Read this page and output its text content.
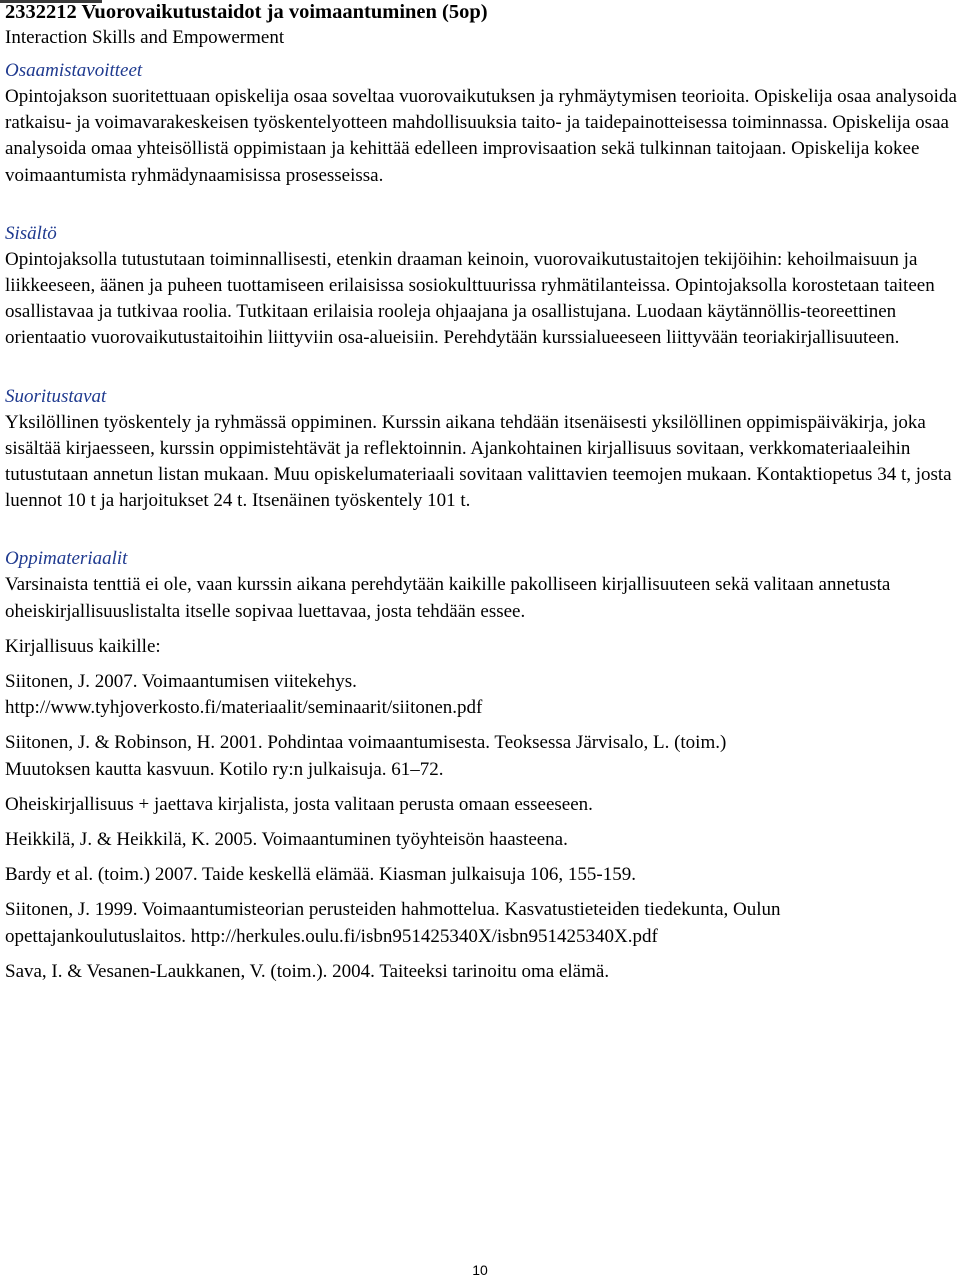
2332212 Vuorovaikutustaidot ja voimaantuminen (5op)

Interaction Skills and Empowerment

Osaamistavoitteet

Opintojakson suoritettuaan opiskelija osaa soveltaa vuorovaikutuksen ja ryhmäytymisen teorioita. Opiskelija osaa analysoida ratkaisu- ja voimavarakeskeisen työskentelyotteen mahdollisuuksia taito- ja taidepainotteisessa toiminnassa. Opiskelija osaa analysoida omaa yhteisöllistä oppimistaan ja kehittää edelleen improvisaation sekä tulkinnan taitojaan. Opiskelija kokee voimaantumista ryhmädynaamisissa prosesseissa.

Sisältö

Opintojaksolla tutustutaan toiminnallisesti, etenkin draaman keinoin, vuorovaikutustaitojen tekijöihin: kehoilmaisuun ja liikkeeseen, äänen ja puheen tuottamiseen erilaisissa sosiokulttuurissa ryhmätilanteissa. Opintojaksolla korostetaan taiteen osallistavaa ja tutkivaa roolia. Tutkitaan erilaisia rooleja ohjaajana ja osallistujana. Luodaan käytännöllis-teoreettinen orientaatio vuorovaikutustaitoihin liittyviin osa-alueisiin. Perehdytään kurssialueeseen liittyvään teoriakirjallisuuteen.

Suoritustavat

Yksilöllinen työskentely ja ryhmässä oppiminen. Kurssin aikana tehdään itsenäisesti yksilöllinen oppimispäiväkirja, joka sisältää kirjaesseen, kurssin oppimistehtävät ja reflektoinnin. Ajankohtainen kirjallisuus sovitaan, verkkomateriaaleihin tutustutaan annetun listan mukaan. Muu opiskelumateriaali sovitaan valittavien teemojen mukaan. Kontaktiopetus 34 t, josta luennot 10 t ja harjoitukset 24 t. Itsenäinen työskentely 101 t.

Oppimateriaalit

Varsinaista tenttiä ei ole, vaan kurssin aikana perehdytään kaikille pakolliseen kirjallisuuteen sekä valitaan annetusta oheiskirjallisuuslistalta itselle sopivaa luettavaa, josta tehdään essee.

Kirjallisuus kaikille:

Siitonen, J. 2007. Voimaantumisen viitekehys.

http://www.tyhjoverkosto.fi/materiaalit/seminaarit/siitonen.pdf

Siitonen, J. & Robinson, H. 2001. Pohdintaa voimaantumisesta. Teoksessa Järvisalo, L. (toim.)

Muutoksen kautta kasvuun. Kotilo ry:n julkaisuja. 61–72.

Oheiskirjallisuus + jaettava kirjalista, josta valitaan perusta omaan esseeseen.

Heikkilä, J. & Heikkilä, K. 2005. Voimaantuminen työyhteisön haasteena.

Bardy et al. (toim.) 2007. Taide keskellä elämää. Kiasman julkaisuja 106, 155-159.

Siitonen, J. 1999. Voimaantumisteorian perusteiden hahmottelua. Kasvatustieteiden tiedekunta, Oulun

opettajankoulutuslaitos. http://herkules.oulu.fi/isbn951425340X/isbn951425340X.pdf

Sava, I. & Vesanen-Laukkanen, V. (toim.). 2004. Taiteeksi tarinoitu oma elämä.

10
